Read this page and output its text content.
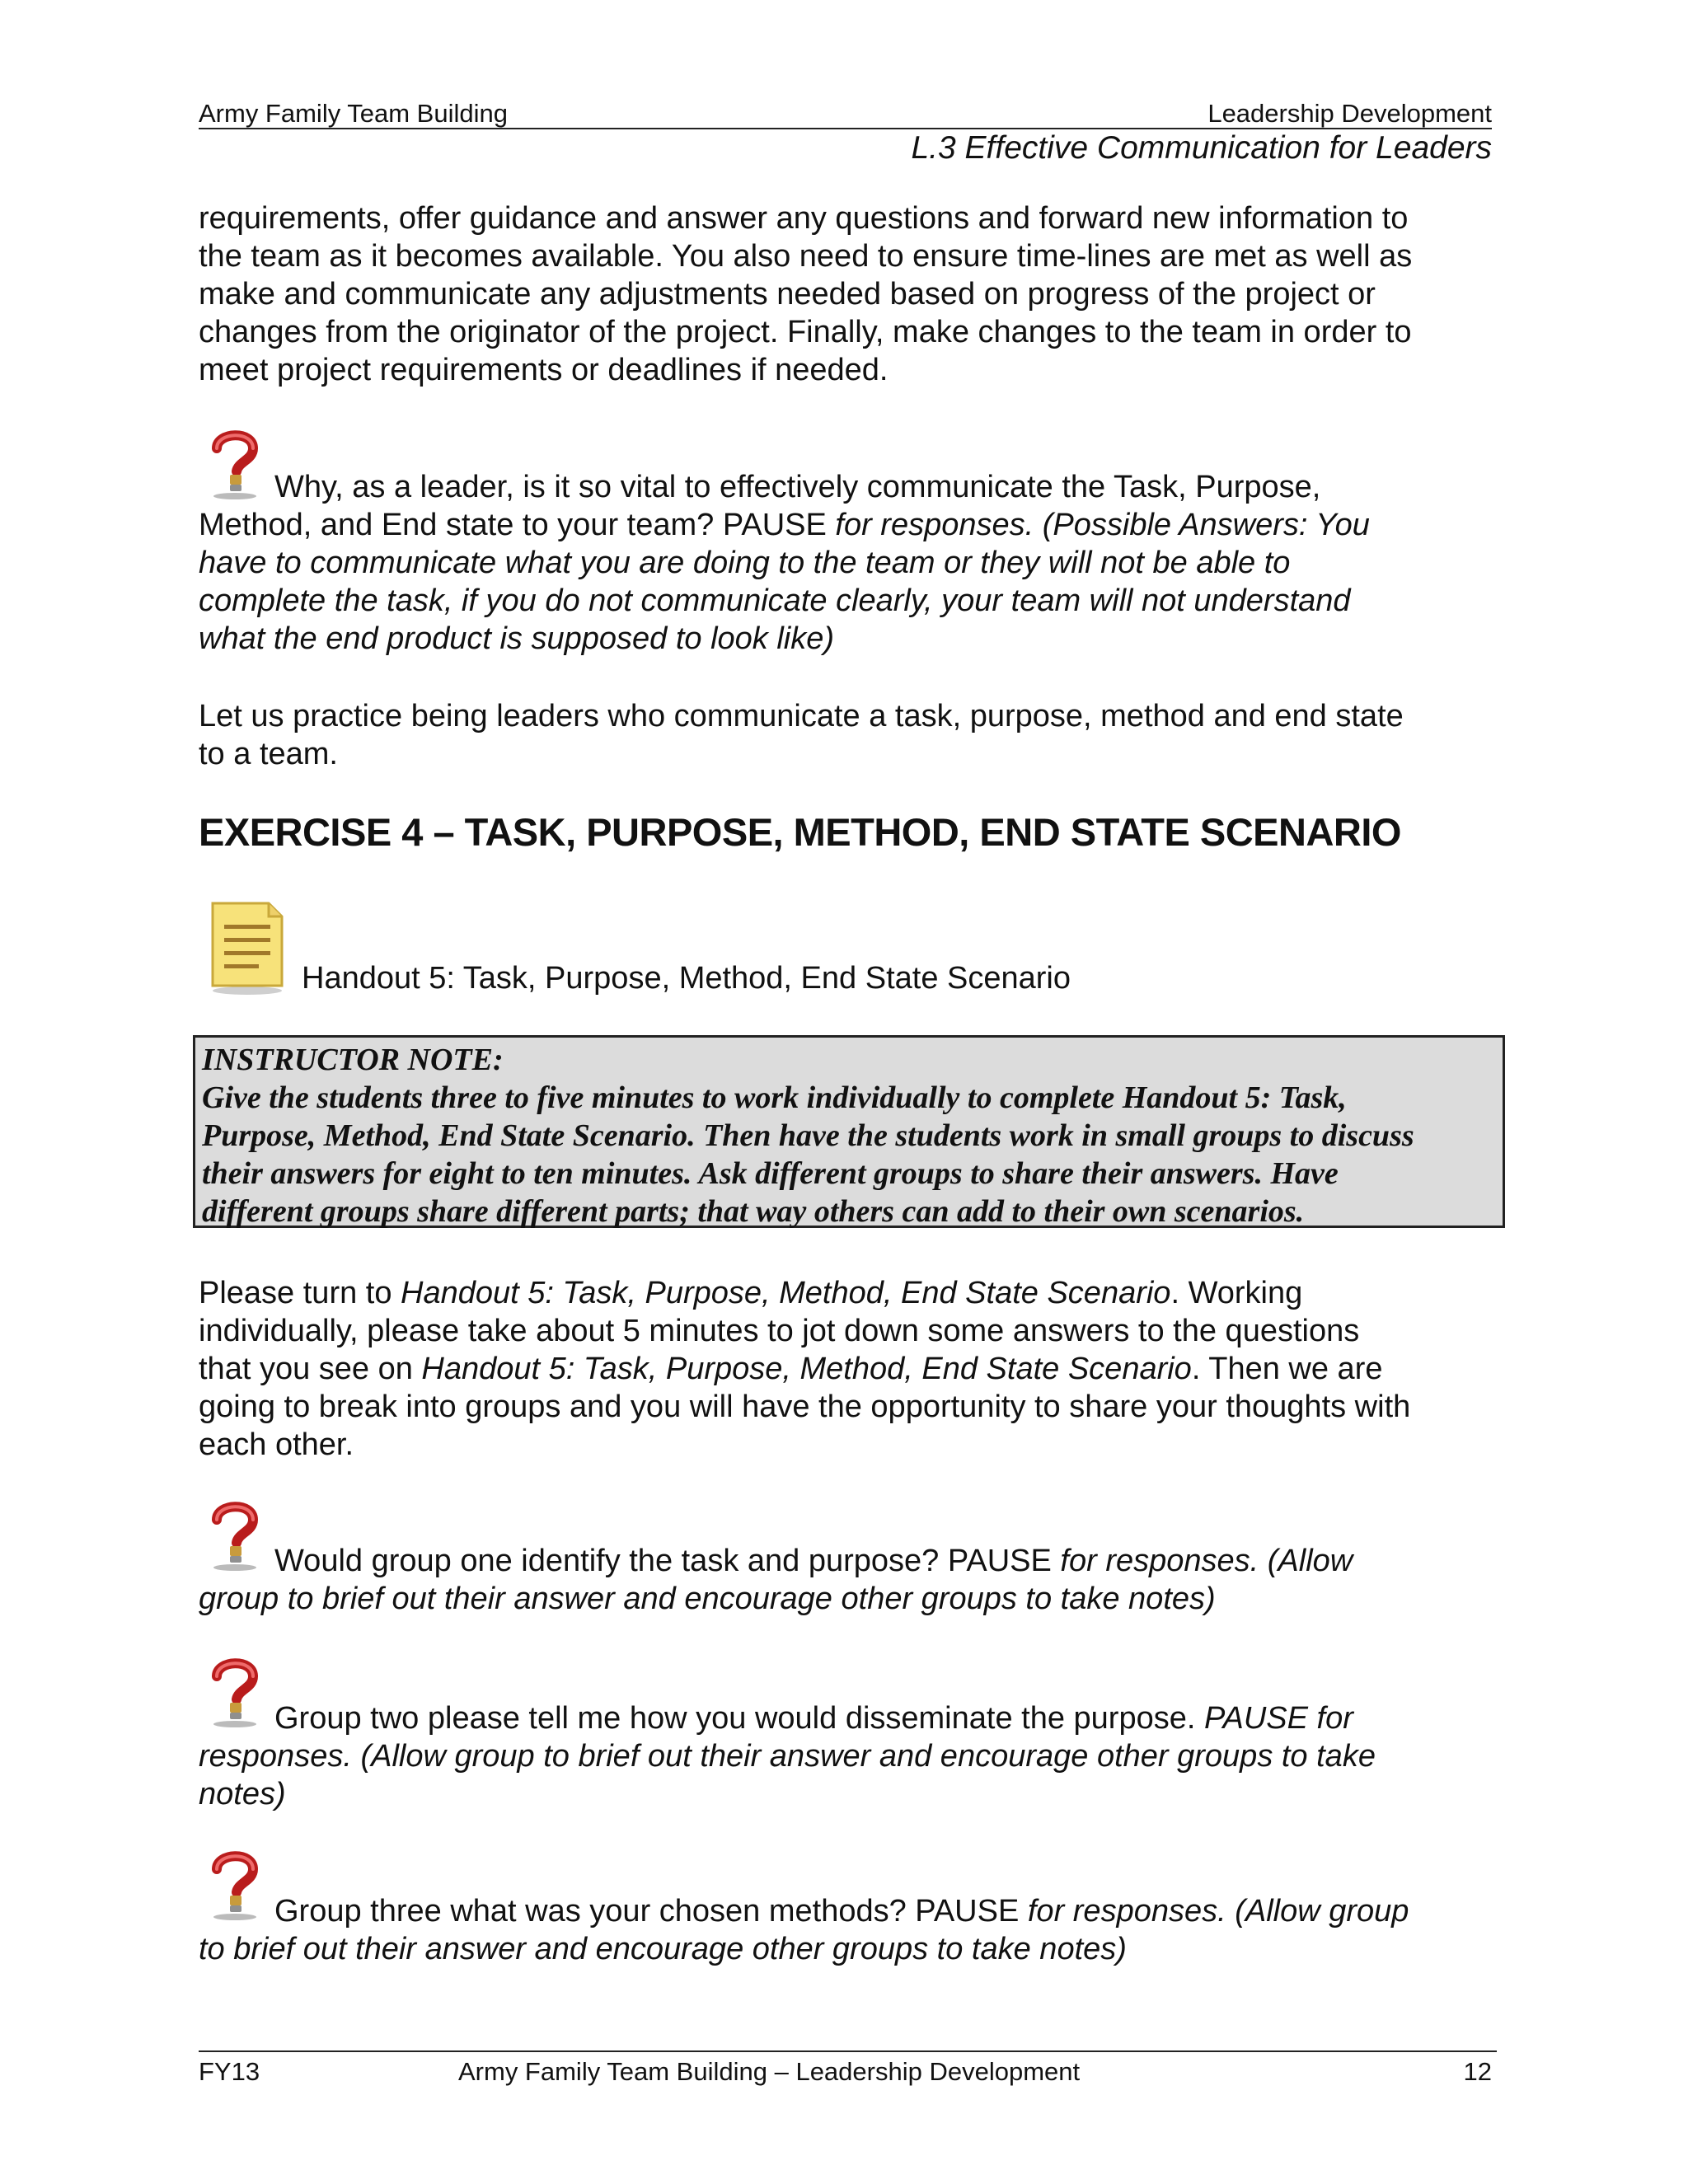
Army Family Team Building	Leadership Development
L.3 Effective Communication for Leaders
requirements, offer guidance and answer any questions and forward new information to
the team as it becomes available. You also need to ensure time-lines are met as well as
make and communicate any adjustments needed based on progress of the project or
changes from the originator of the project. Finally, make changes to the team in order to
meet project requirements or deadlines if needed.
Why, as a leader, is it so vital to effectively communicate the Task, Purpose,
Method, and End state to your team? PAUSE for responses. (Possible Answers: You
have to communicate what you are doing to the team or they will not be able to
complete the task, if you do not communicate clearly, your team will not understand
what the end product is supposed to look like)
Let us practice being leaders who communicate a task, purpose, method and end state
to a team.
EXERCISE 4 – TASK, PURPOSE, METHOD, END STATE SCENARIO
Handout 5: Task, Purpose, Method, End State Scenario
INSTRUCTOR NOTE:
Give the students three to five minutes to work individually to complete Handout 5: Task,
Purpose, Method, End State Scenario. Then have the students work in small groups to discuss
their answers for eight to ten minutes. Ask different groups to share their answers. Have
different groups share different parts; that way others can add to their own scenarios.
Please turn to Handout 5: Task, Purpose, Method, End State Scenario. Working
individually, please take about 5 minutes to jot down some answers to the questions
that you see on Handout 5: Task, Purpose, Method, End State Scenario. Then we are
going to break into groups and you will have the opportunity to share your thoughts with
each other.
Would group one identify the task and purpose? PAUSE for responses. (Allow
group to brief out their answer and encourage other groups to take notes)
Group two please tell me how you would disseminate the purpose. PAUSE for
responses. (Allow group to brief out their answer and encourage other groups to take
notes)
Group three what was your chosen methods? PAUSE for responses. (Allow group
to brief out their answer and encourage other groups to take notes)
FY13	Army Family Team Building – Leadership Development	12
